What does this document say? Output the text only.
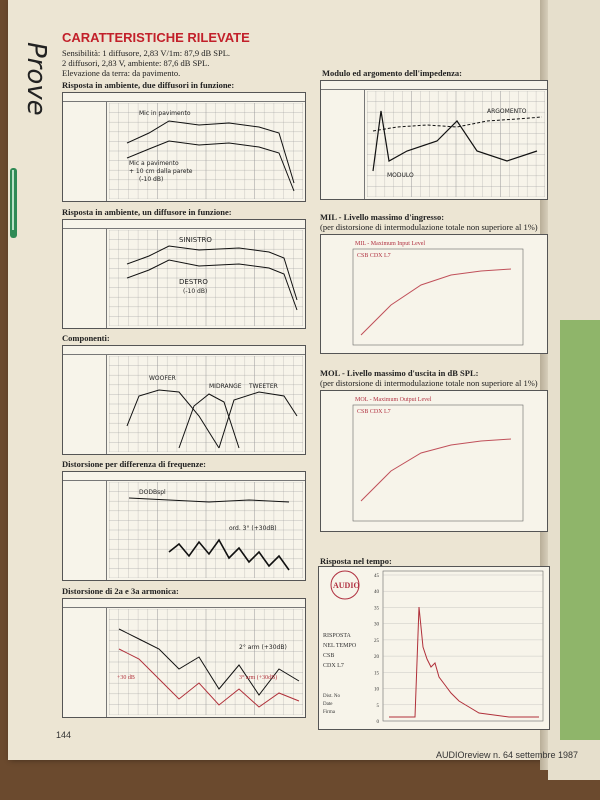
Prove
CARATTERISTICHE RILEVATE
Sensibilità: 1 diffusore, 2,83 V/1m: 87,9 dB SPL.
2 diffusori, 2,83 V, ambiente: 87,6 dB SPL.
Elevazione da terra: da pavimento.
Risposta in ambiente, due diffusori in funzione:
Mic in pavimento
Mic a pavimento
+ 10 cm dalla parete
(-10 dB)
Risposta in ambiente, un diffusore in funzione:
SINISTRO
DESTRO
(-10 dB)
Componenti:
WOOFER
MIDRANGE TWEETER
Distorsione per differenza di frequenze:
DODBspl
ord. 3° (+30dB)
Distorsione di 2a e 3a armonica:
2° arm (+30dB)
3° arm (+30dB)
+30 dB
Modulo ed argomento dell'impedenza:
ARGOMENTO
MODULO
MIL - Livello massimo d'ingresso:
(per distorsione di intermodulazione totale non superiore al 1%)
MIL - Maximum Input Level
CSB CDX L7
MOL - Livello massimo d'uscita in dB SPL:
(per distorsione di intermodulazione totale non superiore al 1%)
MOL - Maximum Output Level
CSB CDX L7
Risposta nel tempo:
AUDIO
RISPOSTA
NEL TEMPO
CSB
CDX L7
Dist. No
Date
Firma
45
40
35
30
25
20
15
10
5
0
144
AUDIOreview n. 64 settembre 1987
